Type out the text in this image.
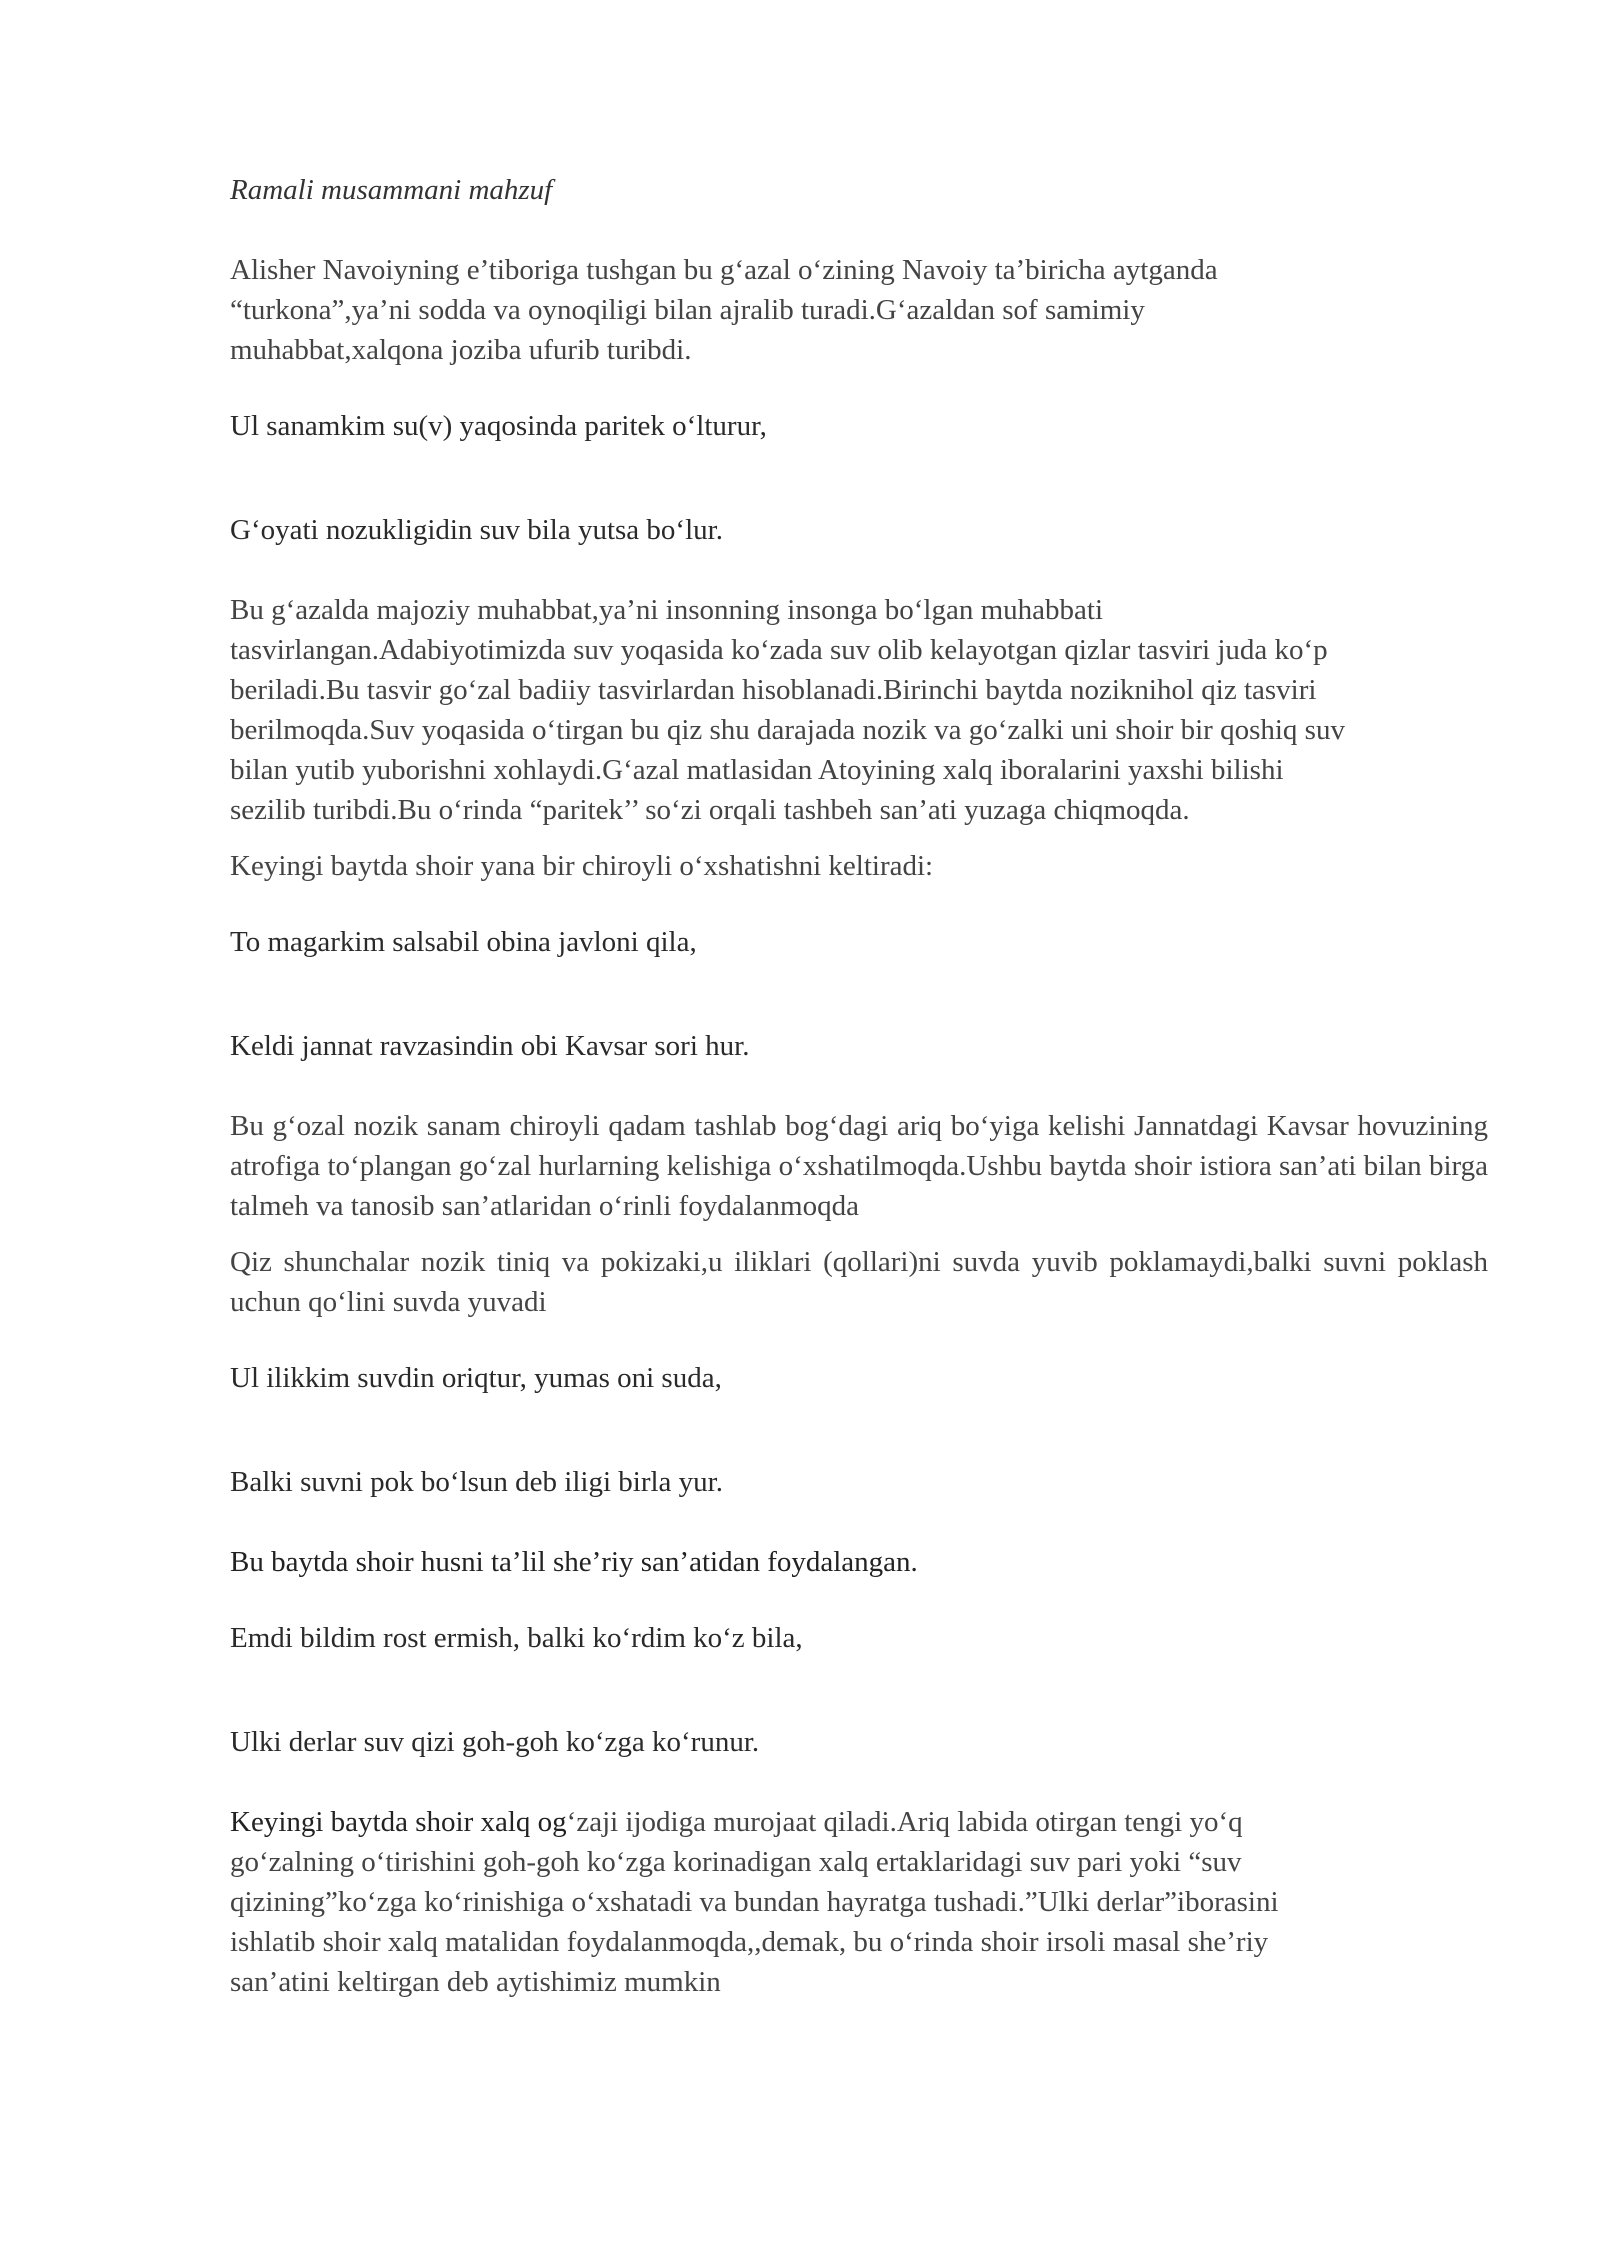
Ramali musammani mahzuf

Alisher Navoiyning e’tiboriga tushgan bu g‘azal o‘zining Navoiy ta’biricha aytganda
“turkona”,ya’ni sodda va oynoqiligi bilan ajralib turadi.G‘azaldan sof samimiy
muhabbat,xalqona joziba ufurib turibdi.

Ul sanamkim su(v) yaqosinda paritek o‘lturur,

G‘oyati nozukligidin suv bila yutsa bo‘lur.

Bu g‘azalda majoziy muhabbat,ya’ni insonning insonga bo‘lgan muhabbati
tasvirlangan.Adabiyotimizda suv yoqasida ko‘zada suv olib kelayotgan qizlar tasviri juda ko‘p
beriladi.Bu tasvir go‘zal badiiy tasvirlardan hisoblanadi.Birinchi baytda noziknihol qiz tasviri
berilmoqda.Suv yoqasida o‘tirgan bu qiz shu darajada nozik va go‘zalki uni shoir bir qoshiq suv
bilan yutib yuborishni xohlaydi.G‘azal matlasidan Atoyining xalq iboralarini yaxshi bilishi
sezilib turibdi.Bu o‘rinda “paritek’’ so‘zi orqali tashbeh san’ati yuzaga chiqmoqda.

Keyingi baytda shoir yana bir chiroyli o‘xshatishni keltiradi:

To magarkim salsabil obina javloni qila,

Keldi jannat ravzasindin obi Kavsar sori hur.

Bu g‘ozal nozik sanam chiroyli qadam tashlab bog‘dagi ariq bo‘yiga kelishi Jannatdagi Kavsar hovuzining atrofiga to‘plangan go‘zal hurlarning kelishiga o‘xshatilmoqda.Ushbu baytda shoir istiora san’ati bilan birga talmeh va tanosib san’atlaridan o‘rinli foydalanmoqda

Qiz shunchalar nozik tiniq va pokizaki,u iliklari (qollari)ni suvda yuvib poklamaydi,balki suvni poklash uchun qo‘lini suvda yuvadi

Ul ilikkim suvdin oriqtur, yumas oni suda,

Balki suvni pok bo‘lsun deb iligi birla yur.

Bu baytda shoir husni ta’lil she’riy san’atidan foydalangan.

Emdi bildim rost ermish, balki ko‘rdim ko‘z bila,

Ulki derlar suv qizi goh-goh ko‘zga ko‘runur.

Keyingi baytda shoir xalq og‘zaji ijodiga murojaat qiladi.Ariq labida otirgan tengi yo‘q
go‘zalning o‘tirishini goh-goh ko‘zga korinadigan xalq ertaklaridagi suv pari yoki “suv
qizining”ko‘zga ko‘rinishiga o‘xshatadi va bundan hayratga tushadi.”Ulki derlar”iborasini
ishlatib shoir xalq matalidan foydalanmoqda,,demak, bu o‘rinda shoir irsoli masal she’riy
san’atini keltirgan deb aytishimiz mumkin
